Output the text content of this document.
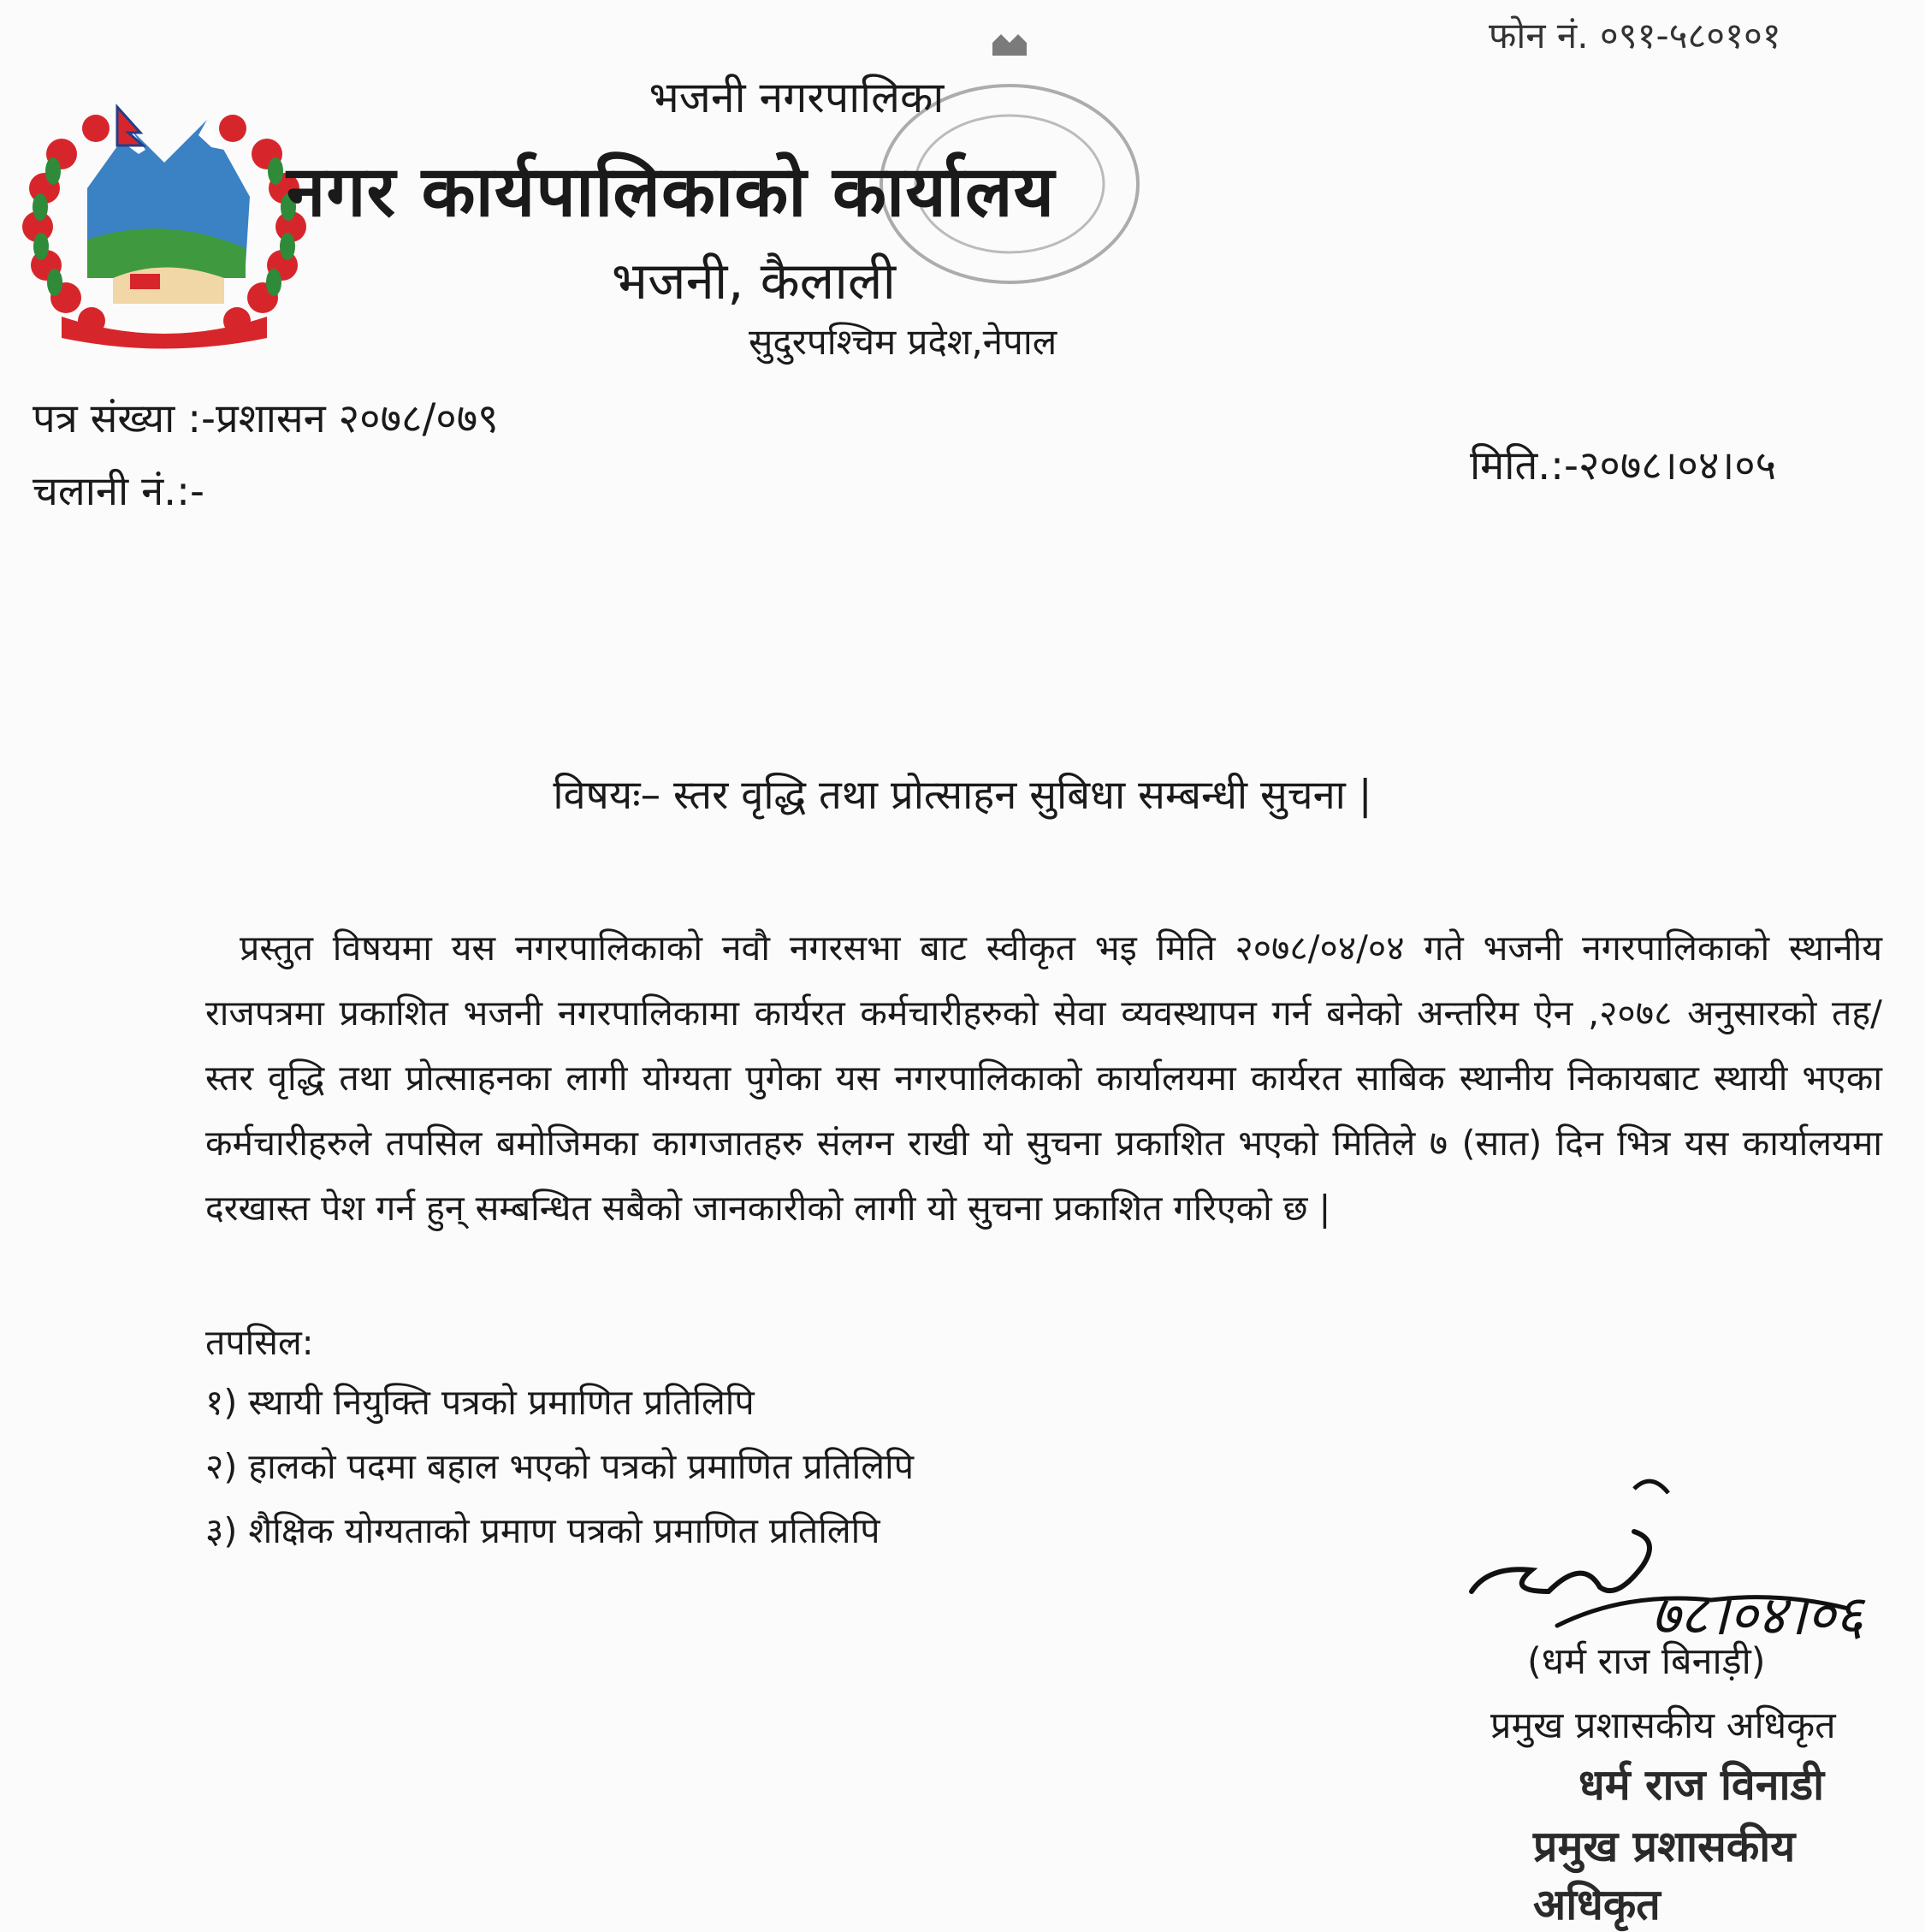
फोन नं. ०९१-५८०१०१
भजनी नगरपालिका
नगर कार्यपालिकाको कार्यालय
भजनी, कैलाली
सुदुरपश्चिम प्रदेश,नेपाल
पत्र संख्या :-प्रशासन २०७८/०७९
चलानी नं.:-
मिति.:-२०७८।०४।०५
विषयः– स्तर वृद्धि तथा प्रोत्साहन सुबिधा सम्बन्धी सुचना |
प्रस्तुत विषयमा यस नगरपालिकाको नवौ नगरसभा बाट स्वीकृत भइ मिति २०७८/०४/०४ गते भजनी नगरपालिकाको स्थानीय राजपत्रमा प्रकाशित भजनी नगरपालिकामा कार्यरत कर्मचारीहरुको सेवा व्यवस्थापन गर्न बनेको अन्तरिम ऐन ,२०७८ अनुसारको तह/ स्तर वृद्धि तथा प्रोत्साहनका लागी योग्यता पुगेका यस नगरपालिकाको कार्यालयमा कार्यरत साबिक स्थानीय निकायबाट स्थायी भएका कर्मचारीहरुले तपसिल बमोजिमका कागजातहरु संलग्न राखी यो सुचना प्रकाशित भएको मितिले ७ (सात) दिन भित्र यस कार्यालयमा दरखास्त पेश गर्न हुन् सम्बन्धित सबैको जानकारीको लागी यो सुचना प्रकाशित गरिएको छ |
तपसिल:
१) स्थायी नियुक्ति पत्रको प्रमाणित प्रतिलिपि
२) हालको पदमा बहाल भएको पत्रको प्रमाणित प्रतिलिपि
३) शैक्षिक योग्यताको प्रमाण पत्रको प्रमाणित प्रतिलिपि
७८।०४।०६
(धर्म राज बिनाड़ी)
प्रमुख प्रशासकीय अधिकृत
धर्म राज विनाडी
प्रमुख प्रशासकीय अधिकृत
